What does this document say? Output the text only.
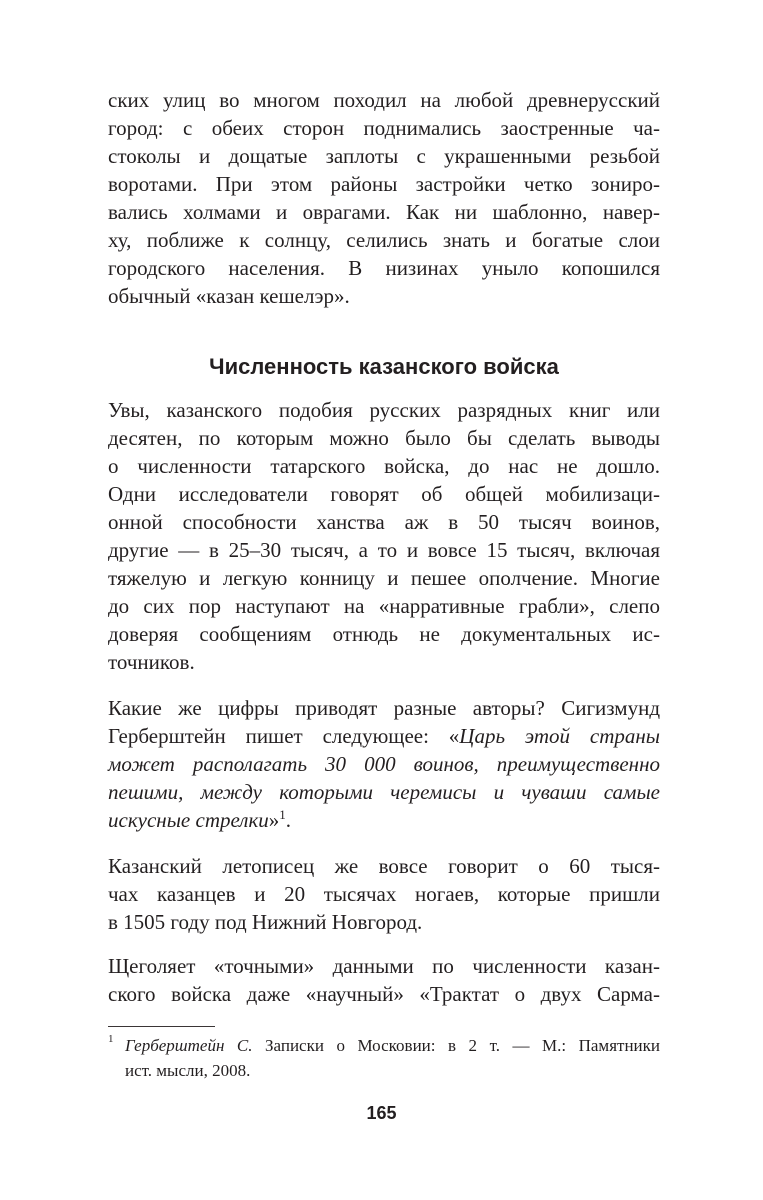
ских улиц во многом походил на любой древнерусский
город: с обеих сторон поднимались заостренные ча-
стоколы и дощатые заплоты с украшенными резьбой
воротами. При этом районы застройки четко зониро-
вались холмами и оврагами. Как ни шаблонно, навер-
ху, поближе к солнцу, селились знать и богатые слои
городского населения. В низинах уныло копошился
обычный «казан кешелэр».
Численность казанского войска
Увы, казанского подобия русских разрядных книг или
десятен, по которым можно было бы сделать выводы
о численности татарского войска, до нас не дошло.
Одни исследователи говорят об общей мобилизаци-
онной способности ханства аж в 50 тысяч воинов,
другие — в 25–30 тысяч, а то и вовсе 15 тысяч, включая
тяжелую и легкую конницу и пешее ополчение. Многие
до сих пор наступают на «нарративные грабли», слепо
доверяя сообщениям отнюдь не документальных ис-
точников.
Какие же цифры приводят разные авторы? Сигизмунд
Герберштейн пишет следующее: «Царь этой страны
может располагать 30 000 воинов, преимущественно
пешими, между которыми черемисы и чуваши самые
искусные стрелки»$^1$.
Казанский летописец же вовсе говорит о 60 тыся-
чах казанцев и 20 тысячах ногаев, которые пришли
в 1505 году под Нижний Новгород.
Щеголяет «точными» данными по численности казан-
ского войска даже «научный» «Трактат о двух Сарма-
1 Герберштейн С. Записки о Московии: в 2 т. — М.: Памятники
ист. мысли, 2008.
165
